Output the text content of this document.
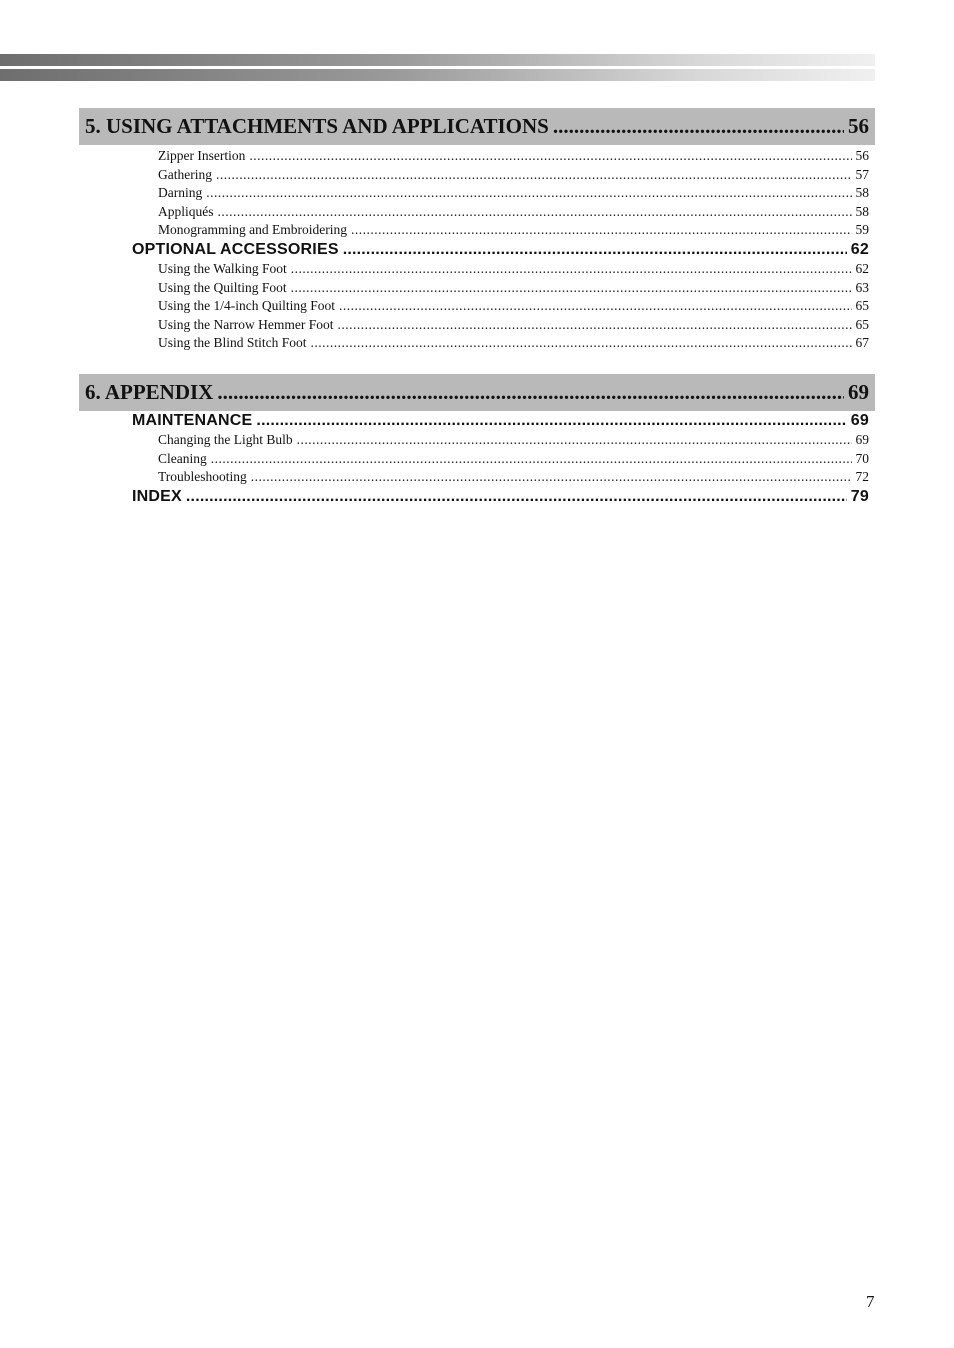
5. USING ATTACHMENTS AND APPLICATIONS .....	56
Zipper Insertion .....	56
Gathering .....	57
Darning .....	58
Appliqués .....	58
Monogramming and Embroidering .....	59
OPTIONAL ACCESSORIES .....	62
Using the Walking Foot .....	62
Using the Quilting Foot .....	63
Using the 1/4-inch Quilting Foot .....	65
Using the Narrow Hemmer Foot .....	65
Using the Blind Stitch Foot .....	67
6. APPENDIX .....	69
MAINTENANCE .....	69
Changing the Light Bulb .....	69
Cleaning .....	70
Troubleshooting .....	72
INDEX .....	79
7
